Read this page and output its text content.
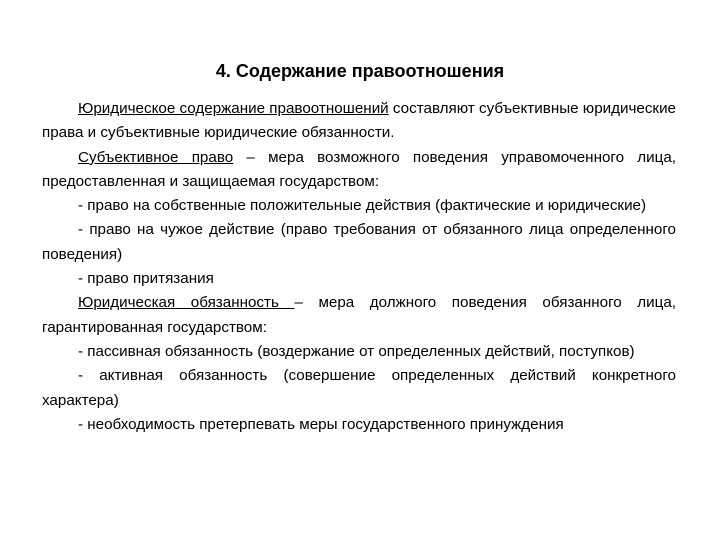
4. Содержание правоотношения

Юридическое содержание правоотношений составляют субъективные юридические права и субъективные юридические обязанности.

Субъективное право – мера возможного поведения управомоченного лица, предоставленная и защищаемая государством:

- право на собственные положительные действия (фактические и юридические)

- право на чужое действие (право требования от обязанного лица определенного поведения)

- право притязания

Юридическая обязанность – мера должного поведения обязанного лица, гарантированная государством:

- пассивная обязанность (воздержание от определенных действий, поступков)

- активная обязанность (совершение определенных действий конкретного характера)

- необходимость претерпевать меры государственного принуждения
